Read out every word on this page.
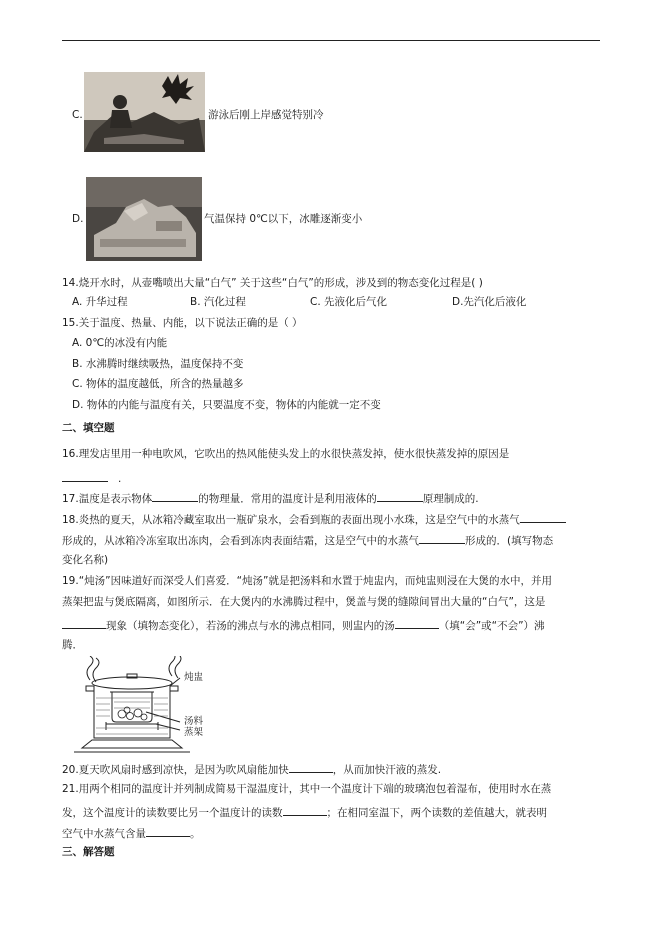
C.	游泳后刚上岸感觉特别冷
D.	气温保持 0℃以下，冰雕逐渐变小
14.烧开水时，从壶嘴喷出大量“白气” 关于这些“白气”的形成，涉及到的物态变化过程是( )
A. 升华过程	B. 汽化过程	C. 先液化后气化	D.先汽化后液化
15.关于温度、热量、内能，以下说法正确的是（ ）
A. 0℃的冰没有内能
B. 水沸腾时继续吸热，温度保持不变
C. 物体的温度越低，所含的热量越多
D. 物体的内能与温度有关，只要温度不变，物体的内能就一定不变
二、填空题
16.理发店里用一种电吹风，它吹出的热风能使头发上的水很快蒸发掉，使水很快蒸发掉的原因是
.
17.温度是表示物体	的物理量．常用的温度计是利用液体的	原理制成的.
18.炎热的夏天，从冰箱冷藏室取出一瓶矿泉水，会看到瓶的表面出现小水珠，这是空气中的水蒸气
形成的，从冰箱冷冻室取出冻肉，会看到冻肉表面结霜，这是空气中的水蒸气	形成的．(填写物态
变化名称)
19.“炖汤”因味道好而深受人们喜爱．“炖汤”就是把汤料和水置于炖盅内，而炖盅则浸在大煲的水中，并用
蒸架把盅与煲底隔离，如图所示．在大煲内的水沸腾过程中，煲盖与煲的缝隙间冒出大量的“白气”，这是
现象（填物态变化），若汤的沸点与水的沸点相同，则盅内的汤	（填“会”或“不会”）沸
腾．
炖盅
汤料
蒸架
20.夏天吹风扇时感到凉快，是因为吹风扇能加快	，从而加快汗液的蒸发.
21.用两个相同的温度计并列制成简易干湿温度计，其中一个温度计下端的玻璃泡包着湿布，使用时水在蒸
发，这个温度计的读数要比另一个温度计的读数	；在相同室温下，两个读数的差值越大，就表明
空气中水蒸气含量	。
三、解答题
